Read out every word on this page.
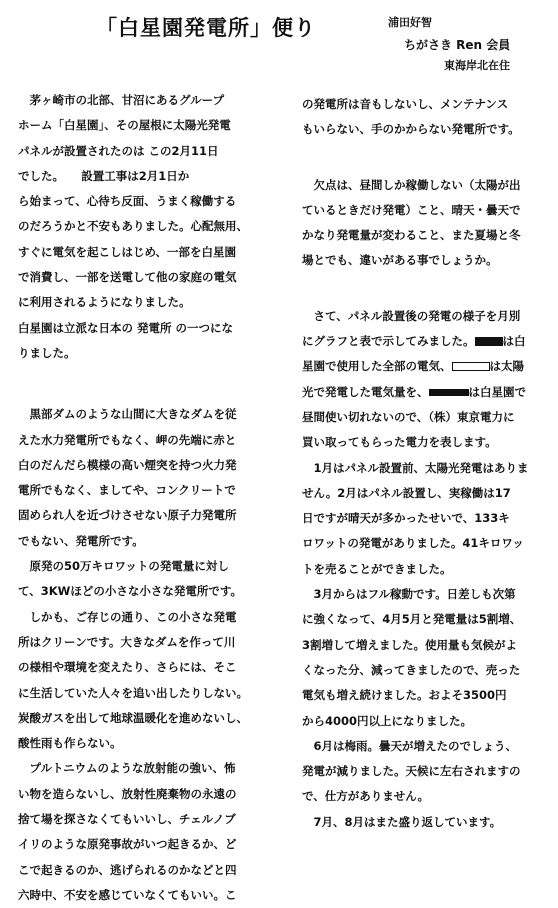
「白星園発電所」便り	浦田好智
ちがさき Ren 会員
東海岸北在住

　茅ヶ崎市の北部、甘沼にあるグループ

ホーム「白星園」、その屋根に太陽光発電

パネルが設置されたのは この2月11日

でした。　　設置工事は2月1日か

ら始まって、心待ち反面、うまく稼働する

のだろうかと不安もありました。心配無用、

すぐに電気を起こしはじめ、一部を白星園

で消費し、一部を送電して他の家庭の電気

に利用されるようになりました。

白星園は立派な日本の 発電所 の一つにな

りました。

　黒部ダムのような山間に大きなダムを従

えた水力発電所でもなく、岬の先端に赤と

白のだんだら模様の高い煙突を持つ火力発

電所でもなく、ましてや、コンクリートで

固められ人を近づけさせない原子力発電所

でもない、発電所です。

　原発の50万キロワットの発電量に対し

て、3KWほどの小さな小さな発電所です。

　しかも、ご存じの通り、この小さな発電

所はクリーンです。大きなダムを作って川

の様相や環境を変えたり、さらには、そこ

に生活していた人々を追い出したりしない。

炭酸ガスを出して地球温暖化を進めないし、

酸性雨も作らない。

　プルトニウムのような放射能の強い、怖

い物を造らないし、放射性廃棄物の永遠の

捨て場を探さなくてもいいし、チェルノブ

イリのような原発事故がいつ起きるか、ど

こで起きるのか、逃げられるのかなどと四

六時中、不安を感じていなくてもいい。こ

の発電所は音もしないし、メンテナンス

もいらない、手のかからない発電所です。

　欠点は、昼間しか稼働しない（太陽が出

ているときだけ発電）こと、晴天・曇天で

かなり発電量が変わること、また夏場と冬

場とでも、違いがある事でしょうか。

　さて、パネル設置後の発電の様子を月別

にグラフと表で示してみました。 は白

星園で使用した全部の電気、	は太陽

光で発電した電気量を、	は白星園で

昼間使い切れないので、（株）東京電力に

買い取ってもらった電力を表します。

　1月はパネル設置前、太陽光発電はありま

せん。2月はパネル設置し、実稼働は17

日ですが晴天が多かったせいで、133キ

ロワットの発電がありました。41キロワッ

トを売ることができました。

　3月からはフル稼動です。日差しも次第

に強くなって、4月5月と発電量は5割増、

3割増して増えました。使用量も気候がよ

くなった分、減ってきましたので、売った

電気も増え続けました。およそ3500円

から4000円以上になりました。

　6月は梅雨。曇天が増えたのでしょう、

発電が減りました。天候に左右されますの

で、仕方がありません。

　7月、8月はまた盛り返しています。
